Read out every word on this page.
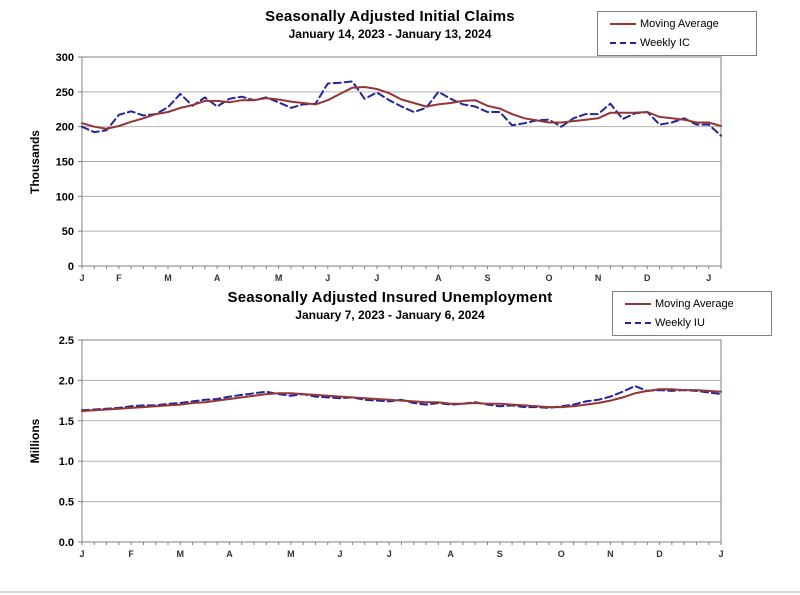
Seasonally Adjusted Initial Claims
January 14, 2023 - January 13, 2024
Moving Average
Weekly IC
Thousands
0
50
100
150
200
250
300
J	F	M	A	M	J	J	A	S	O	N	D	J
Seasonally Adjusted Insured Unemployment
January 7, 2023 - January 6, 2024
Moving Average
Weekly IU
Millions
0.0
0.5
1.0
1.5
2.0
2.5
J	F	M	A	M	J	J	A	S	O	N	D	J
